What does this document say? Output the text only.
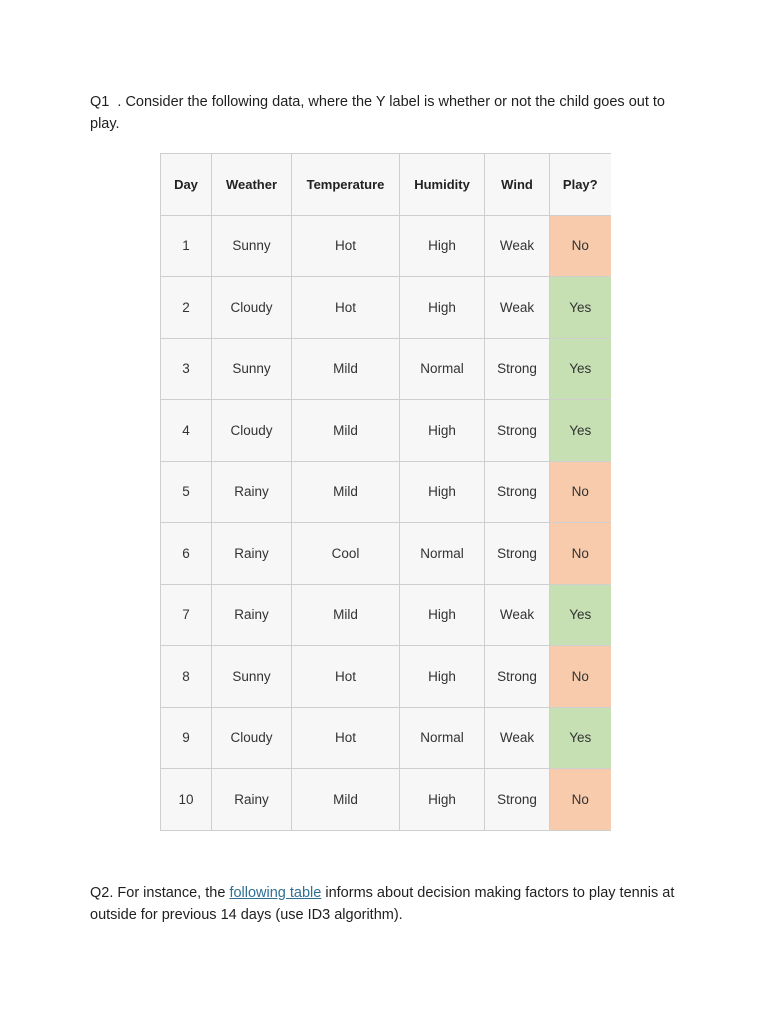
Q1  . Consider the following data, where the Y label is whether or not the child goes out to play.

Day	Weather	Temperature	Humidity	Wind	Play?
1	Sunny	Hot	High	Weak	No
2	Cloudy	Hot	High	Weak	Yes
3	Sunny	Mild	Normal	Strong	Yes
4	Cloudy	Mild	High	Strong	Yes
5	Rainy	Mild	High	Strong	No
6	Rainy	Cool	Normal	Strong	No
7	Rainy	Mild	High	Weak	Yes
8	Sunny	Hot	High	Strong	No
9	Cloudy	Hot	Normal	Weak	Yes
10	Rainy	Mild	High	Strong	No

Q2. For instance, the following table informs about decision making factors to play tennis at outside for previous 14 days (use ID3 algorithm).
